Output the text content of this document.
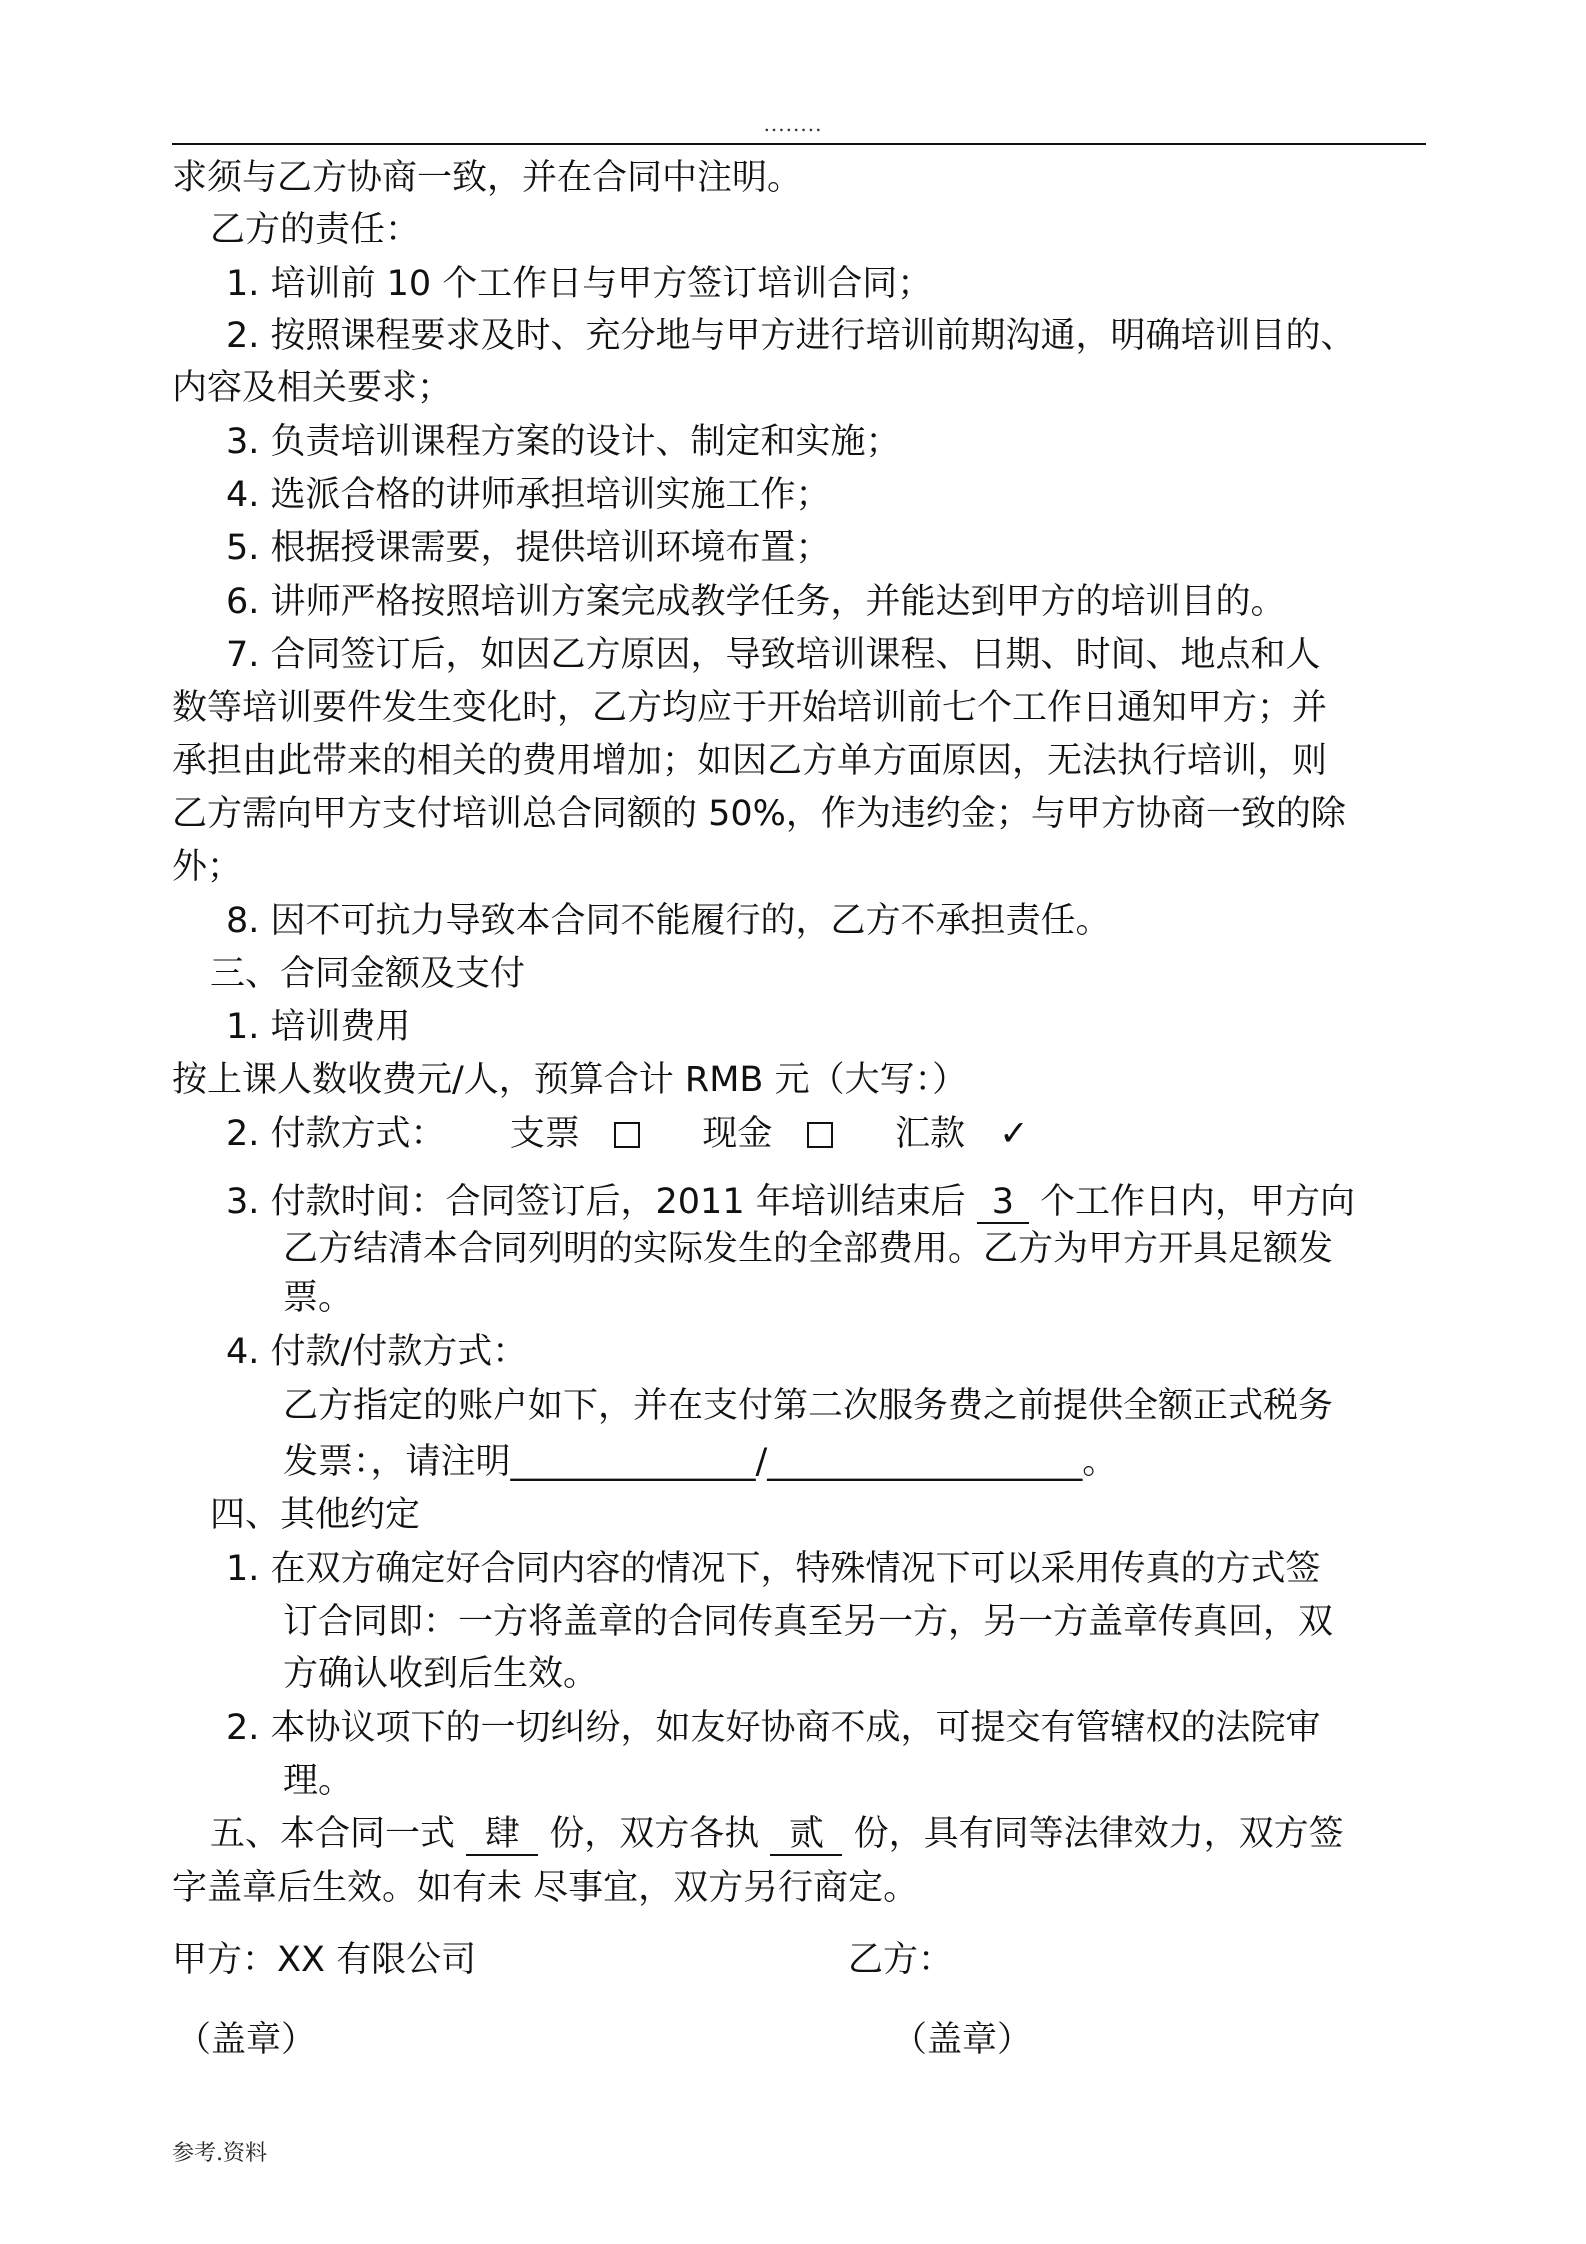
........
求须与乙方协商一致，并在合同中注明。
乙方的责任：
1. 培训前 10 个工作日与甲方签订培训合同；
2. 按照课程要求及时、充分地与甲方进行培训前期沟通，明确培训目的、
内容及相关要求；
3. 负责培训课程方案的设计、制定和实施；
4. 选派合格的讲师承担培训实施工作；
5. 根据授课需要，提供培训环境布置；
6. 讲师严格按照培训方案完成教学任务，并能达到甲方的培训目的。
7. 合同签订后，如因乙方原因，导致培训课程、日期、时间、地点和人
数等培训要件发生变化时，乙方均应于开始培训前七个工作日通知甲方；并
承担由此带来的相关的费用增加；如因乙方单方面原因，无法执行培训，则
乙方需向甲方支付培训总合同额的 50%，作为违约金；与甲方协商一致的除
外；
8. 因不可抗力导致本合同不能履行的，乙方不承担责任。
三、合同金额及支付
1. 培训费用
按上课人数收费元/人，预算合计 RMB 元（大写：）
2. 付款方式： 支票	现金	汇款 ✓
3. 付款时间：合同签订后，2011 年培训结束后 3 个工作日内，甲方向
乙方结清本合同列明的实际发生的全部费用。乙方为甲方开具足额发
票。
4. 付款/付款方式：
乙方指定的账户如下，并在支付第二次服务费之前提供全额正式税务
发票：，请注明______________/__________________。
四、其他约定
1. 在双方确定好合同内容的情况下，特殊情况下可以采用传真的方式签
订合同即：一方将盖章的合同传真至另一方，另一方盖章传真回，双
方确认收到后生效。
2. 本协议项下的一切纠纷，如友好协商不成，可提交有管辖权的法院审
理。
五、本合同一式 肆 份，双方各执 贰 份，具有同等法律效力，双方签
字盖章后生效。如有未 尽事宜，双方另行商定。
甲方：XX 有限公司	乙方：
（盖章）	（盖章）
参考.资料
